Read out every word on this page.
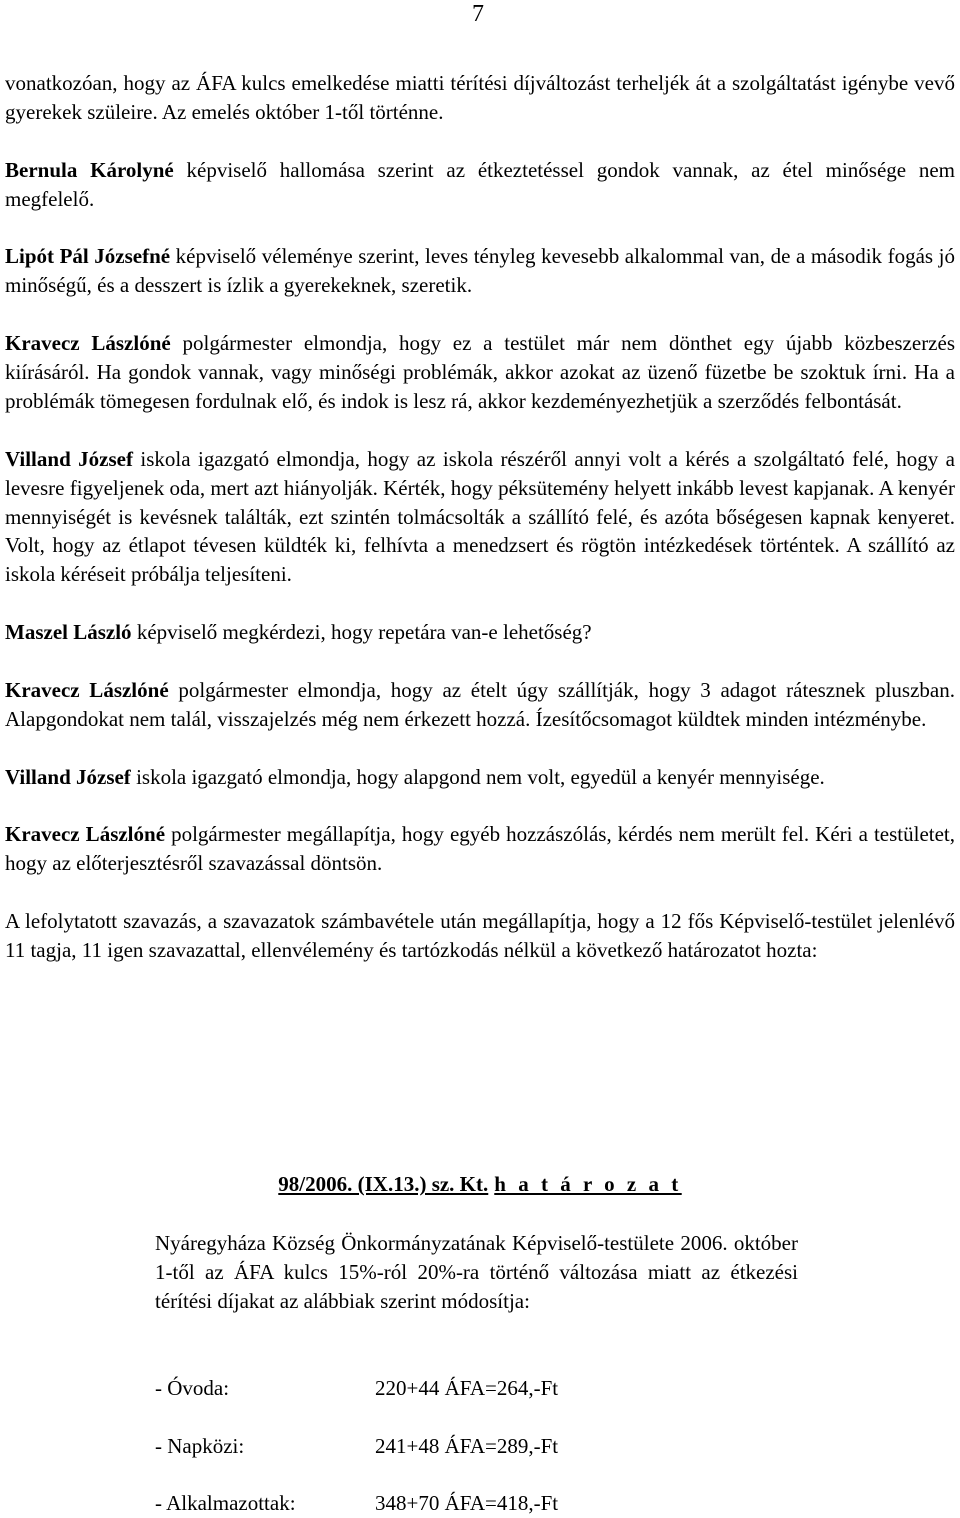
7

vonatkozóan, hogy az ÁFA kulcs emelkedése miatti térítési díjváltozást terheljék át a szolgáltatást igénybe vevő gyerekek szüleire. Az emelés október 1-től történne.

Bernula Károlyné képviselő hallomása szerint az étkeztetéssel gondok vannak, az étel minősége nem megfelelő.

Lipót Pál Józsefné képviselő véleménye szerint, leves tényleg kevesebb alkalommal van, de a második fogás jó minőségű, és a desszert is ízlik a gyerekeknek, szeretik.

Kravecz Lászlóné polgármester elmondja, hogy ez a testület már nem dönthet egy újabb közbeszerzés kiírásáról. Ha gondok vannak, vagy minőségi problémák, akkor azokat az üzenő füzetbe be szoktuk írni. Ha a problémák tömegesen fordulnak elő, és indok is lesz rá, akkor kezdeményezhetjük a szerződés felbontását.

Villand József iskola igazgató elmondja, hogy az iskola részéről annyi volt a kérés a szolgáltató felé, hogy a levesre figyeljenek oda, mert azt hiányolják. Kérték, hogy péksütemény helyett inkább levest kapjanak. A kenyér mennyiségét is kevésnek találták, ezt szintén tolmácsolták a szállító felé, és azóta bőségesen kapnak kenyeret. Volt, hogy az étlapot tévesen küldték ki, felhívta a menedzsert és rögtön intézkedések történtek. A szállító az iskola kéréseit próbálja teljesíteni.

Maszel László képviselő megkérdezi, hogy repetára van-e lehetőség?

Kravecz Lászlóné polgármester elmondja, hogy az ételt úgy szállítják, hogy 3 adagot rátesznek pluszban. Alapgondokat nem talál, visszajelzés még nem érkezett hozzá. Ízesítőcsomagot küldtek minden intézménybe.

Villand József iskola igazgató elmondja, hogy alapgond nem volt, egyedül a kenyér mennyisége.

Kravecz Lászlóné polgármester megállapítja, hogy egyéb hozzászólás, kérdés nem merült fel. Kéri a testületet, hogy az előterjesztésről szavazással döntsön.

A lefolytatott szavazás, a szavazatok számbavétele után megállapítja, hogy a 12 fős Képviselő-testület jelenlévő 11 tagja, 11 igen szavazattal, ellenvélemény és tartózkodás nélkül a következő határozatot hozta:

98/2006. (IX.13.) sz. Kt. h a t á r o z a t
Nyáregyháza Község Önkormányzatának Képviselő-testülete 2006. október 1-től az ÁFA kulcs 15%-ról 20%-ra történő változása miatt az étkezési térítési díjakat az alábbiak szerint módosítja:
- Óvoda:	220+44 ÁFA=264,-Ft
- Napközi:	241+48 ÁFA=289,-Ft
- Alkalmazottak:	348+70 ÁFA=418,-Ft
